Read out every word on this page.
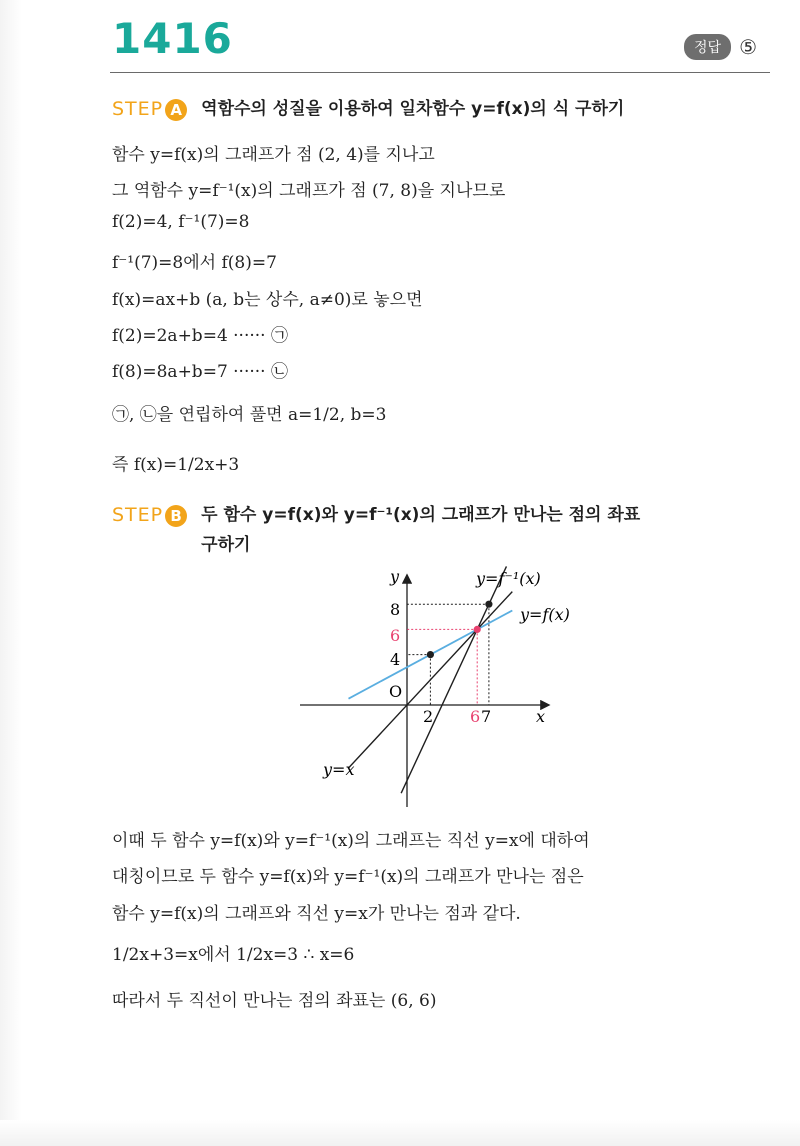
1416	정답 ⑤
STEP A	역함수의 성질을 이용하여 일차함수 y=f(x)의 식 구하기
함수 y=f(x)의 그래프가 점 (2, 4)를 지나고
그 역함수 y=f⁻¹(x)의 그래프가 점 (7, 8)을 지나므로
f(2)=4, f⁻¹(7)=8
f⁻¹(7)=8에서 f(8)=7
f(x)=ax+b (a, b는 상수, a≠0)로 놓으면
f(2)=2a+b=4 ······ ㉠
f(8)=8a+b=7 ······ ㉡
㉠, ㉡을 연립하여 풀면 a=1/2, b=3
즉 f(x)=1/2x+3
STEP B	두 함수 y=f(x)와 y=f⁻¹(x)의 그래프가 만나는 점의 좌표
구하기
y
x
O
y=f⁻¹(x)
y=f(x)
y=x
8
6
4
2 6 7
이때 두 함수 y=f(x)와 y=f⁻¹(x)의 그래프는 직선 y=x에 대하여
대칭이므로 두 함수 y=f(x)와 y=f⁻¹(x)의 그래프가 만나는 점은
함수 y=f(x)의 그래프와 직선 y=x가 만나는 점과 같다.
1/2x+3=x에서 1/2x=3 ∴ x=6
따라서 두 직선이 만나는 점의 좌표는 (6, 6)
